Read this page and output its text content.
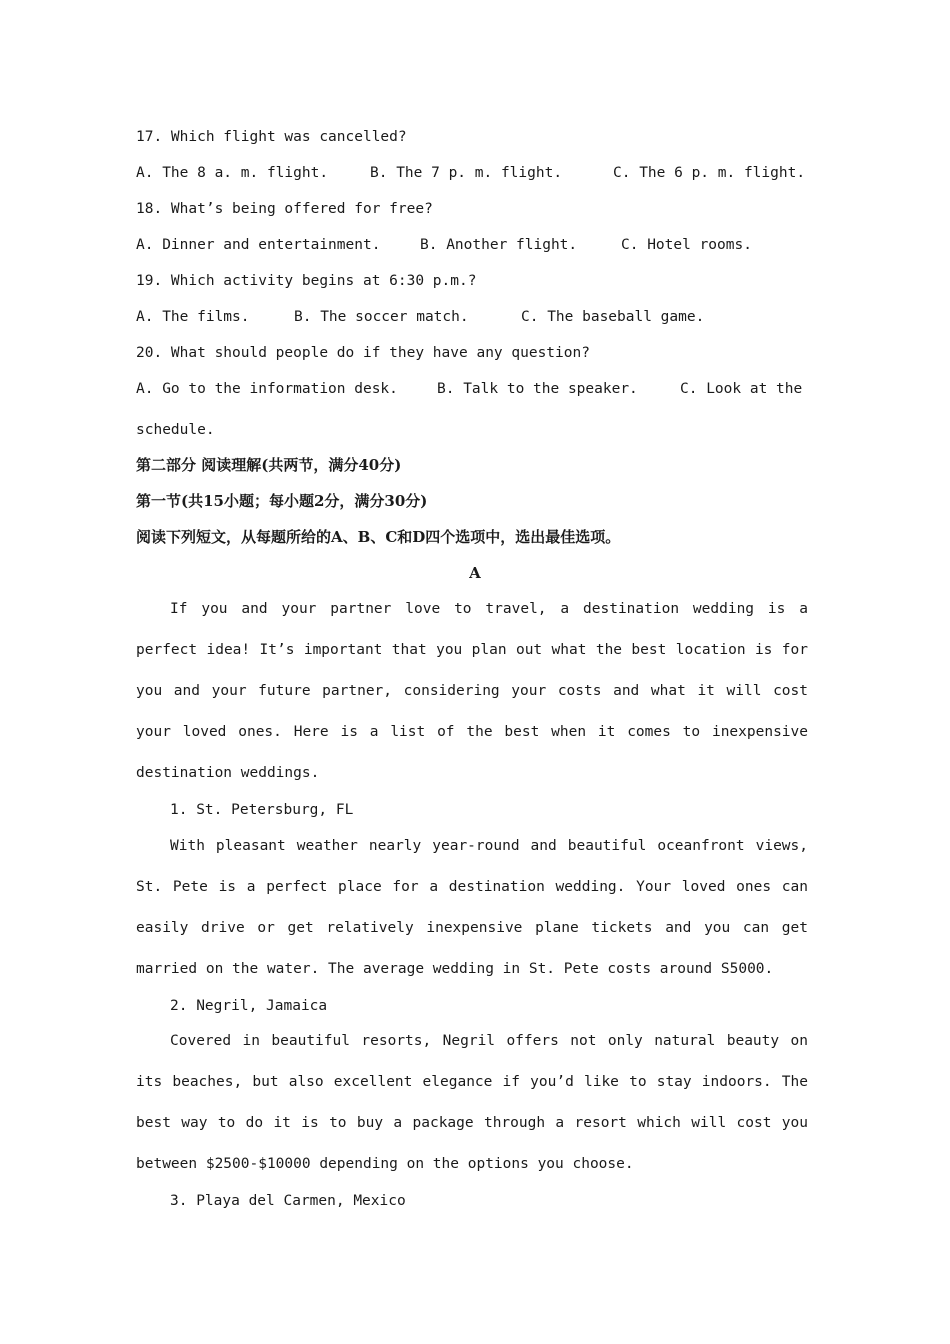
17. Which flight was cancelled?

A. The 8 a. m. flight.

	B. The 7 p. m. flight.

	C. The 6 p. m. flight.

18. What’s being offered for free?

A. Dinner and entertainment.

	B. Another flight.

	C. Hotel rooms.

19. Which activity begins at 6:30 p.m.?

A. The films.

	B. The soccer match.

	C. The baseball game.

20. What should people do if they have any question?

A. Go to the information desk.

	B. Talk to the speaker.

	C. Look at the

schedule.
第二部分 阅读理解(共两节，满分40分)
第一节(共15小题；每小题2分，满分30分)
阅读下列短文，从每题所给的A、B、C和D四个选项中，选出最佳选项。
A
If you and your partner love to travel, a destination wedding is a perfect idea! It’s important that you plan out what the best location is for you and your future partner, considering your costs and what it will cost your loved ones. Here is a list of the best when it comes to inexpensive destination weddings.
1. St. Petersburg, FL
With pleasant weather nearly year-round and beautiful oceanfront views, St. Pete is a perfect place for a destination wedding. Your loved ones can easily drive or get relatively inexpensive plane tickets and you can get married on the water. The average wedding in St. Pete costs around S5000.
2. Negril, Jamaica
Covered in beautiful resorts, Negril offers not only natural beauty on its beaches, but also excellent elegance if you’d like to stay indoors. The best way to do it is to buy a package through a resort which will cost you between $2500-$10000 depending on the options you choose.
3. Playa del Carmen, Mexico
